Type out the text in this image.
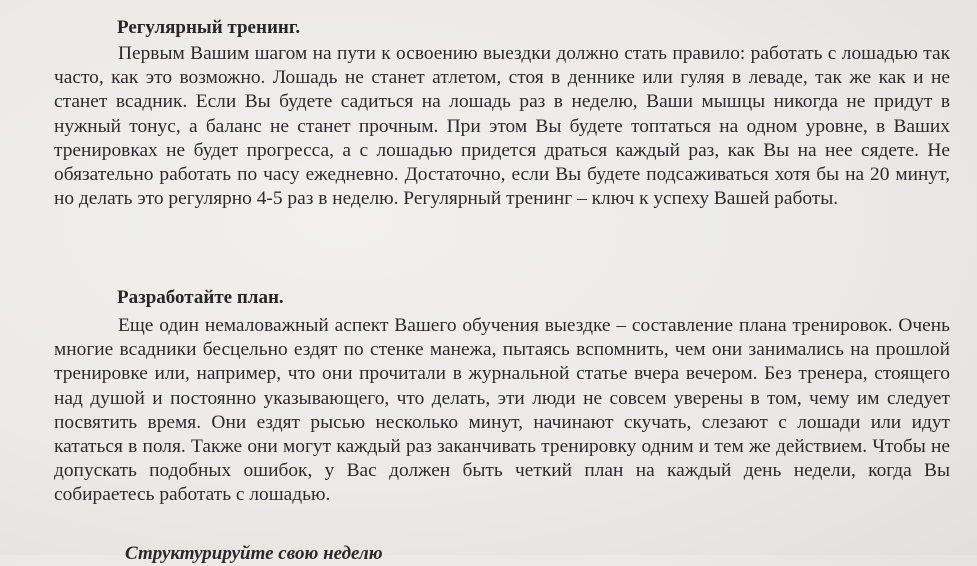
Регулярный тренинг.

Первым Вашим шагом на пути к освоению выездки должно стать правило: работать с лошадью так часто, как это возможно. Лошадь не станет атлетом, стоя в деннике или гуляя в леваде, так же как и не станет всадник. Если Вы будете садиться на лошадь раз в неделю, Ваши мышцы никогда не придут в нужный тонус, а баланс не станет прочным. При этом Вы будете топтаться на одном уровне, в Ваших тренировках не будет прогресса, а с лошадью придется драться каждый раз, как Вы на нее сядете. Не обязательно работать по часу ежедневно. Достаточно, если Вы будете подсаживаться хотя бы на 20 минут, но делать это регулярно 4-5 раз в неделю. Регулярный тренинг – ключ к успеху Вашей работы.

Разработайте план.

Еще один немаловажный аспект Вашего обучения выездке – составление плана тренировок. Очень многие всадники бесцельно ездят по стенке манежа, пытаясь вспомнить, чем они занимались на прошлой тренировке или, например, что они прочитали в журнальной статье вчера вечером. Без тренера, стоящего над душой и постоянно указывающего, что делать, эти люди не совсем уверены в том, чему им следует посвятить время. Они ездят рысью несколько минут, начинают скучать, слезают с лошади или идут кататься в поля. Также они могут каждый раз заканчивать тренировку одним и тем же действием. Чтобы не допускать подобных ошибок, у Вас должен быть четкий план на каждый день недели, когда Вы собираетесь работать с лошадью.

Структурируйте свою неделю
